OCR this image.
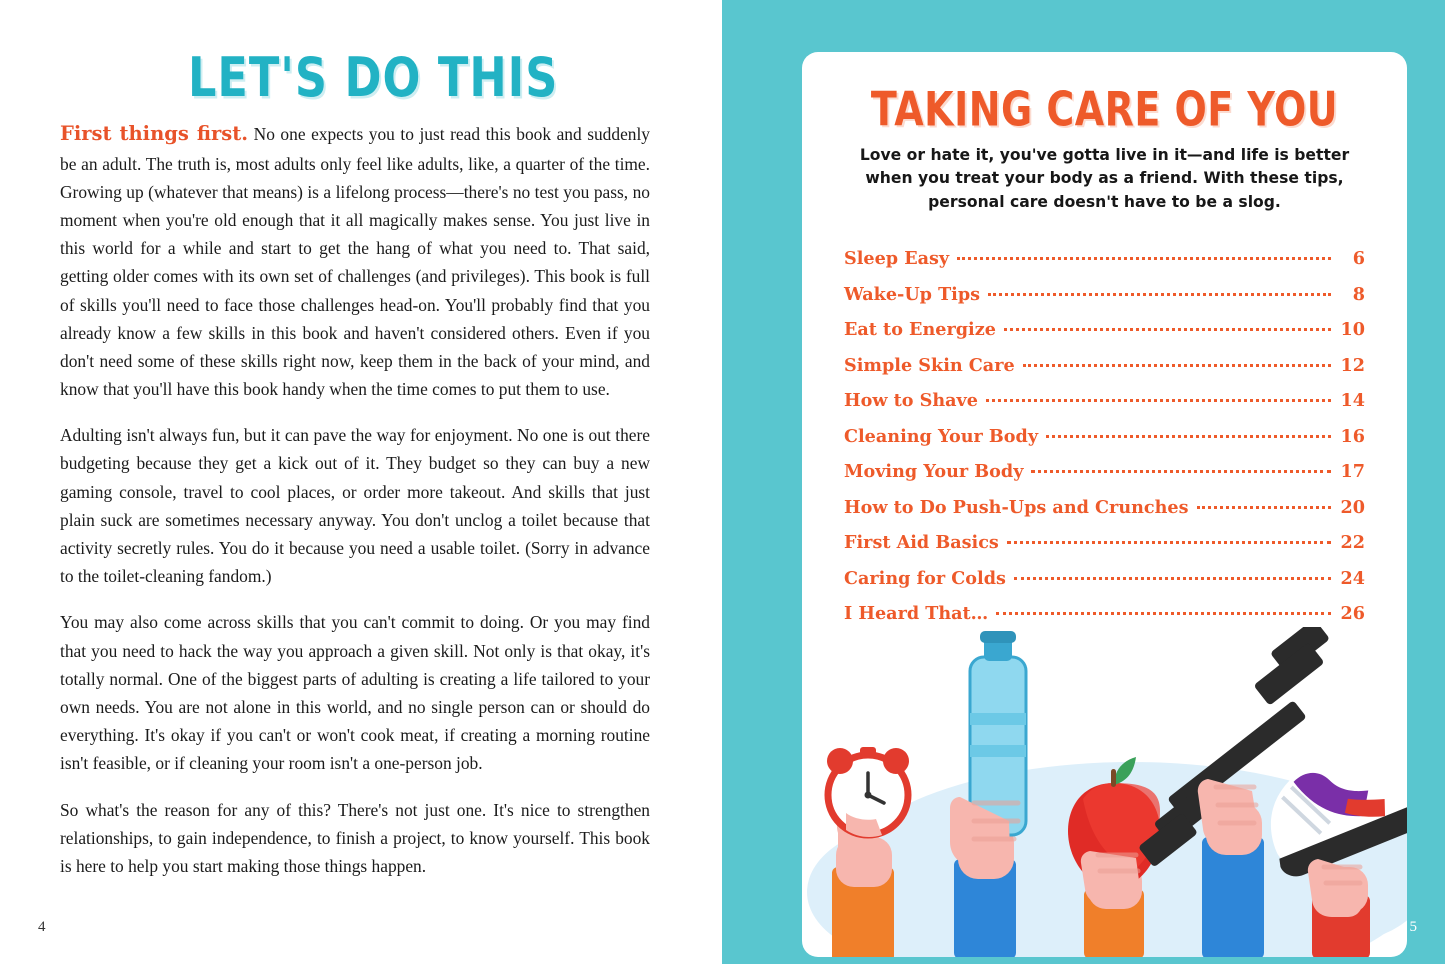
LET'S DO THIS

First things first. No one expects you to just read this book and suddenly be an adult. The truth is, most adults only feel like adults, like, a quarter of the time. Growing up (whatever that means) is a lifelong process—there's no test you pass, no moment when you're old enough that it all magically makes sense. You just live in this world for a while and start to get the hang of what you need to. That said, getting older comes with its own set of challenges (and privileges). This book is full of skills you'll need to face those challenges head-on. You'll probably find that you already know a few skills in this book and haven't considered others. Even if you don't need some of these skills right now, keep them in the back of your mind, and know that you'll have this book handy when the time comes to put them to use.

Adulting isn't always fun, but it can pave the way for enjoyment. No one is out there budgeting because they get a kick out of it. They budget so they can buy a new gaming console, travel to cool places, or order more takeout. And skills that just plain suck are sometimes necessary anyway. You don't unclog a toilet because that activity secretly rules. You do it because you need a usable toilet. (Sorry in advance to the toilet-cleaning fandom.)

You may also come across skills that you can't commit to doing. Or you may find that you need to hack the way you approach a given skill. Not only is that okay, it's totally normal. One of the biggest parts of adulting is creating a life tailored to your own needs. You are not alone in this world, and no single person can or should do everything. It's okay if you can't or won't cook meat, if creating a morning routine isn't feasible, or if cleaning your room isn't a one-person job.

So what's the reason for any of this? There's not just one. It's nice to strengthen relationships, to gain independence, to finish a project, to know yourself. This book is here to help you start making those things happen.

4
TAKING CARE OF YOU

Love or hate it, you've gotta live in it—and life is better when you treat your body as a friend. With these tips, personal care doesn't have to be a slog.

Sleep Easy	6
Wake-Up Tips	8
Eat to Energize	10
Simple Skin Care	12
How to Shave	14
Cleaning Your Body	16
Moving Your Body	17
How to Do Push-Ups and Crunches	20
First Aid Basics	22
Caring for Colds	24
I Heard That…	26
5
